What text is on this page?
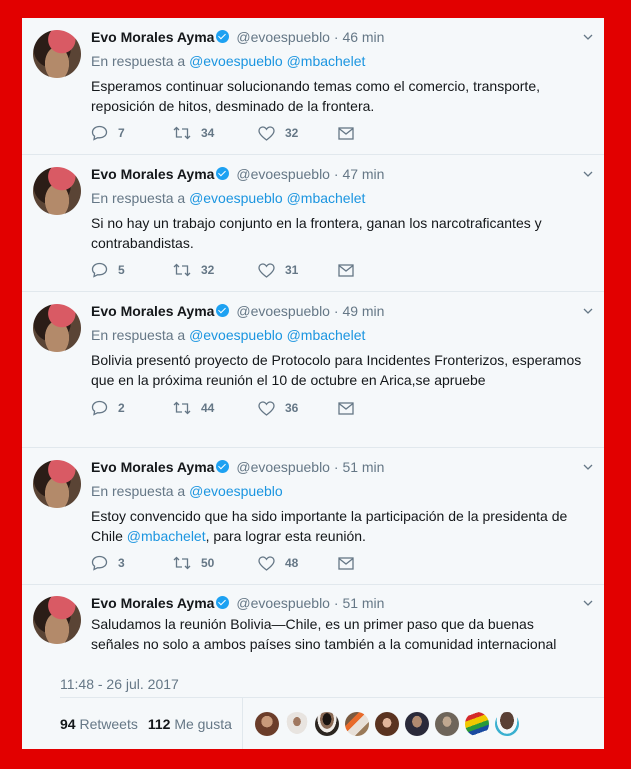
Evo Morales Ayma @evoespueblo · 46 min
En respuesta a @evoespueblo @mbachelet
Esperamos continuar solucionando temas como el comercio, transporte, reposición de hitos, desminado de la frontera.
7	34	32
Evo Morales Ayma @evoespueblo · 47 min
En respuesta a @evoespueblo @mbachelet
Si no hay un trabajo conjunto en la frontera, ganan los narcotraficantes y contrabandistas.
5	32	31
Evo Morales Ayma @evoespueblo · 49 min
En respuesta a @evoespueblo @mbachelet
Bolivia presentó proyecto de Protocolo para Incidentes Fronterizos, esperamos que en la próxima reunión el 10 de octubre en Arica,se apruebe
2	44	36
Evo Morales Ayma @evoespueblo · 51 min
En respuesta a @evoespueblo
Estoy convencido que ha sido importante la participación de la presidenta de Chile @mbachelet, para lograr esta reunión.
3	50	48
Evo Morales Ayma @evoespueblo · 51 min
Saludamos la reunión Bolivia—Chile, es un primer paso que da buenas señales no solo a ambos países sino también a la comunidad internacional
11:48 - 26 jul. 2017
94 Retweets 112 Me gusta
